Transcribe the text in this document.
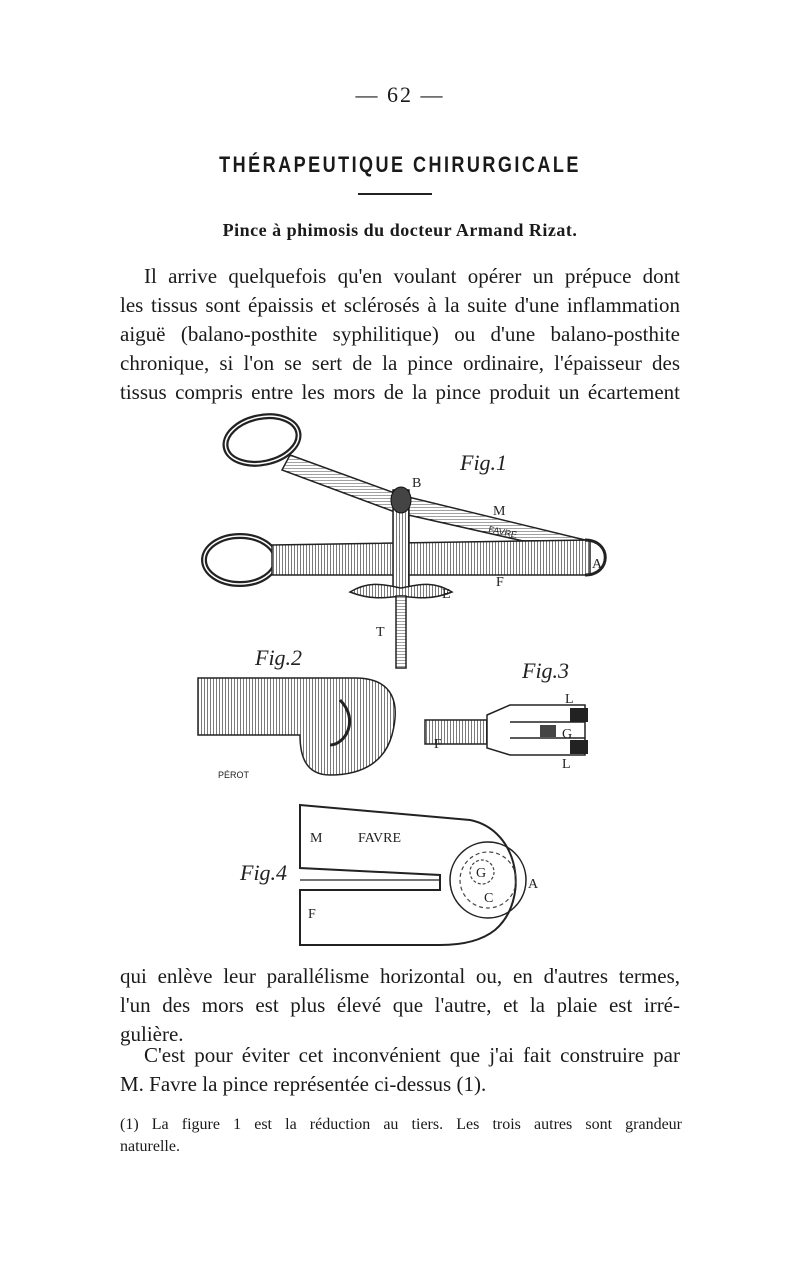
— 62 —
THÉRAPEUTIQUE CHIRURGICALE
Pince à phimosis du docteur Armand Rizat.
Il arrive quelquefois qu'en voulant opérer un prépuce dont
les tissus sont épaissis et sclérosés à la suite d'une inflammation
aiguë (balano-posthite syphilitique) ou d'une balano-posthite
chronique, si l'on se sert de la pince ordinaire, l'épaisseur des
tissus compris entre les mors de la pince produit un écartement
FAVRE
Fig.1
B
M
A
F
E
T
Fig.2
PÉROT
Fig.3
L
G
F
L
Fig.4
M	FAVRE
G
C
A
F
qui enlève leur parallélisme horizontal ou, en d'autres termes,
l'un des mors est plus élevé que l'autre, et la plaie est irré-
gulière.
C'est pour éviter cet inconvénient que j'ai fait construire par
M. Favre la pince représentée ci-dessus (1).
(1) La figure 1 est la réduction au tiers. Les trois autres sont grandeur
naturelle.
